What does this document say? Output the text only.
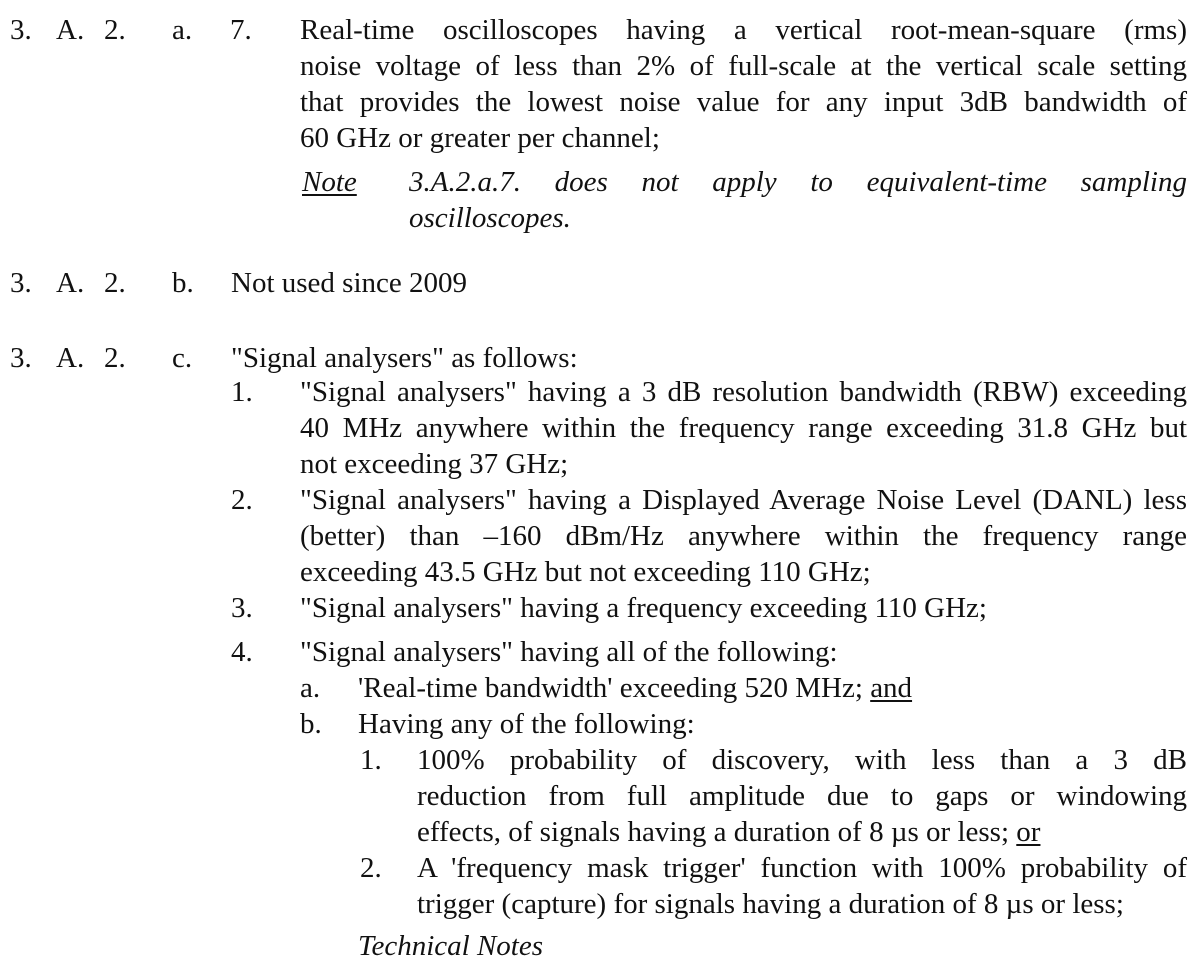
3. A. 2. a. 7. Real-time oscilloscopes having a vertical root-mean-square (rms)
noise voltage of less than 2% of full-scale at the vertical scale setting
that provides the lowest noise value for any input 3dB bandwidth of
60 GHz or greater per channel;
Note 3.A.2.a.7. does not apply to equivalent-time sampling
oscilloscopes.
3. A. 2. b. Not used since 2009
3. A. 2. c. "Signal analysers" as follows:
1. "Signal analysers" having a 3 dB resolution bandwidth (RBW) exceeding
40 MHz anywhere within the frequency range exceeding 31.8 GHz but
not exceeding 37 GHz;
2. "Signal analysers" having a Displayed Average Noise Level (DANL) less
(better) than –160 dBm/Hz anywhere within the frequency range
exceeding 43.5 GHz but not exceeding 110 GHz;
3. "Signal analysers" having a frequency exceeding 110 GHz;
4. "Signal analysers" having all of the following:
a. 'Real-time bandwidth' exceeding 520 MHz; and
b. Having any of the following:
1. 100% probability of discovery, with less than a 3 dB
reduction from full amplitude due to gaps or windowing
effects, of signals having a duration of 8 µs or less; or
2. A 'frequency mask trigger' function with 100% probability of
trigger (capture) for signals having a duration of 8 µs or less;
Technical Notes
